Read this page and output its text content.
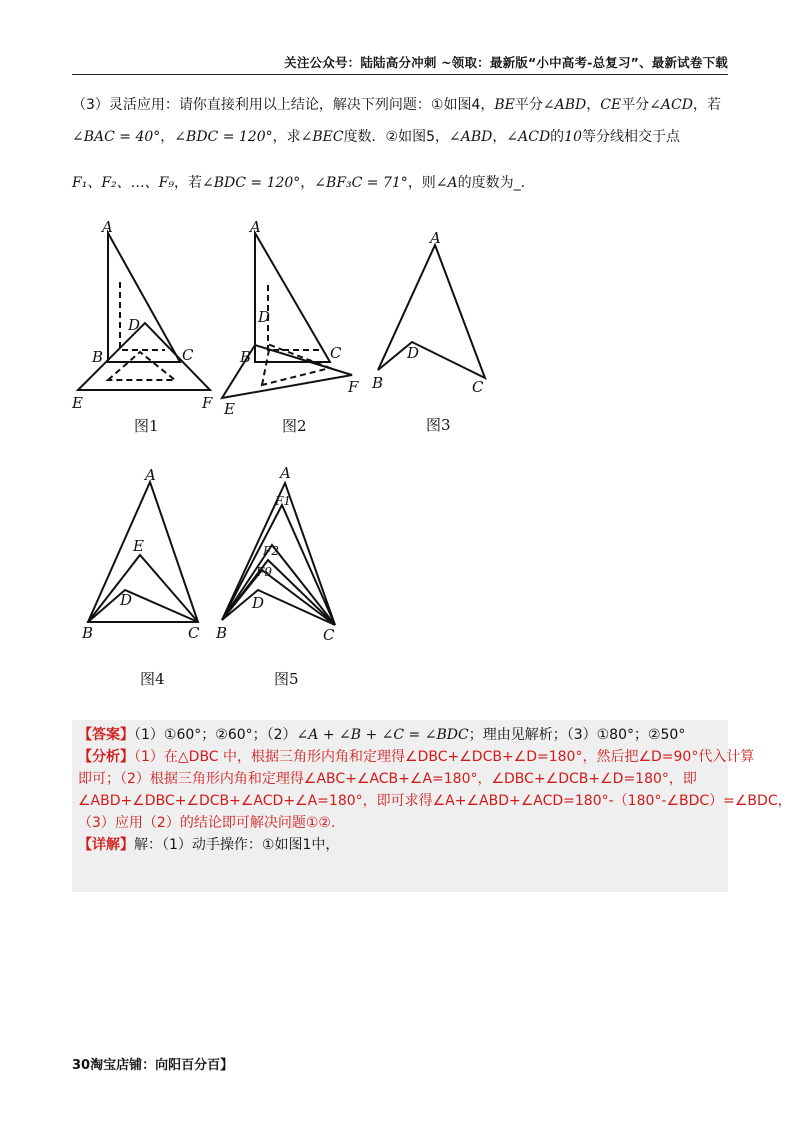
关注公众号：陆陆高分冲刺 ~领取：最新版“小中高考-总复习”、最新试卷下载
（3）灵活应用：请你直接利用以上结论，解决下列问题：①如图4，BE平分∠ABD，CE平分∠ACD，若
∠BAC = 40°，∠BDC = 120°，求∠BEC度数．②如图5，∠ABD，∠ACD的10等分线相交于点
F₁、F₂、…、F₉，若∠BDC = 120°，∠BF₃C = 71°，则∠A的度数为_.
A
D
B	C
E	F
图1
A
D
B	C
E
F
图2
A
D
B	C
图3
A
E
D
B	C
图4
A
F1
F2
F9
D
B	C
图5
【答案】（1）①60°；②60°；（2）∠A + ∠B + ∠C = ∠BDC；理由见解析；（3）①80°；②50°
【分析】（1）在△DBC 中，根据三角形内角和定理得∠DBC+∠DCB+∠D=180°，然后把∠D=90°代入计算
即可；（2）根据三角形内角和定理得∠ABC+∠ACB+∠A=180°，∠DBC+∠DCB+∠D=180°，即
∠ABD+∠DBC+∠DCB+∠ACD+∠A=180°，即可求得∠A+∠ABD+∠ACD=180°-（180°-∠BDC）=∠BDC，
（3）应用（2）的结论即可解决问题①②.
【详解】解：（1）动手操作：①如图1中，
30淘宝店铺：向阳百分百】
